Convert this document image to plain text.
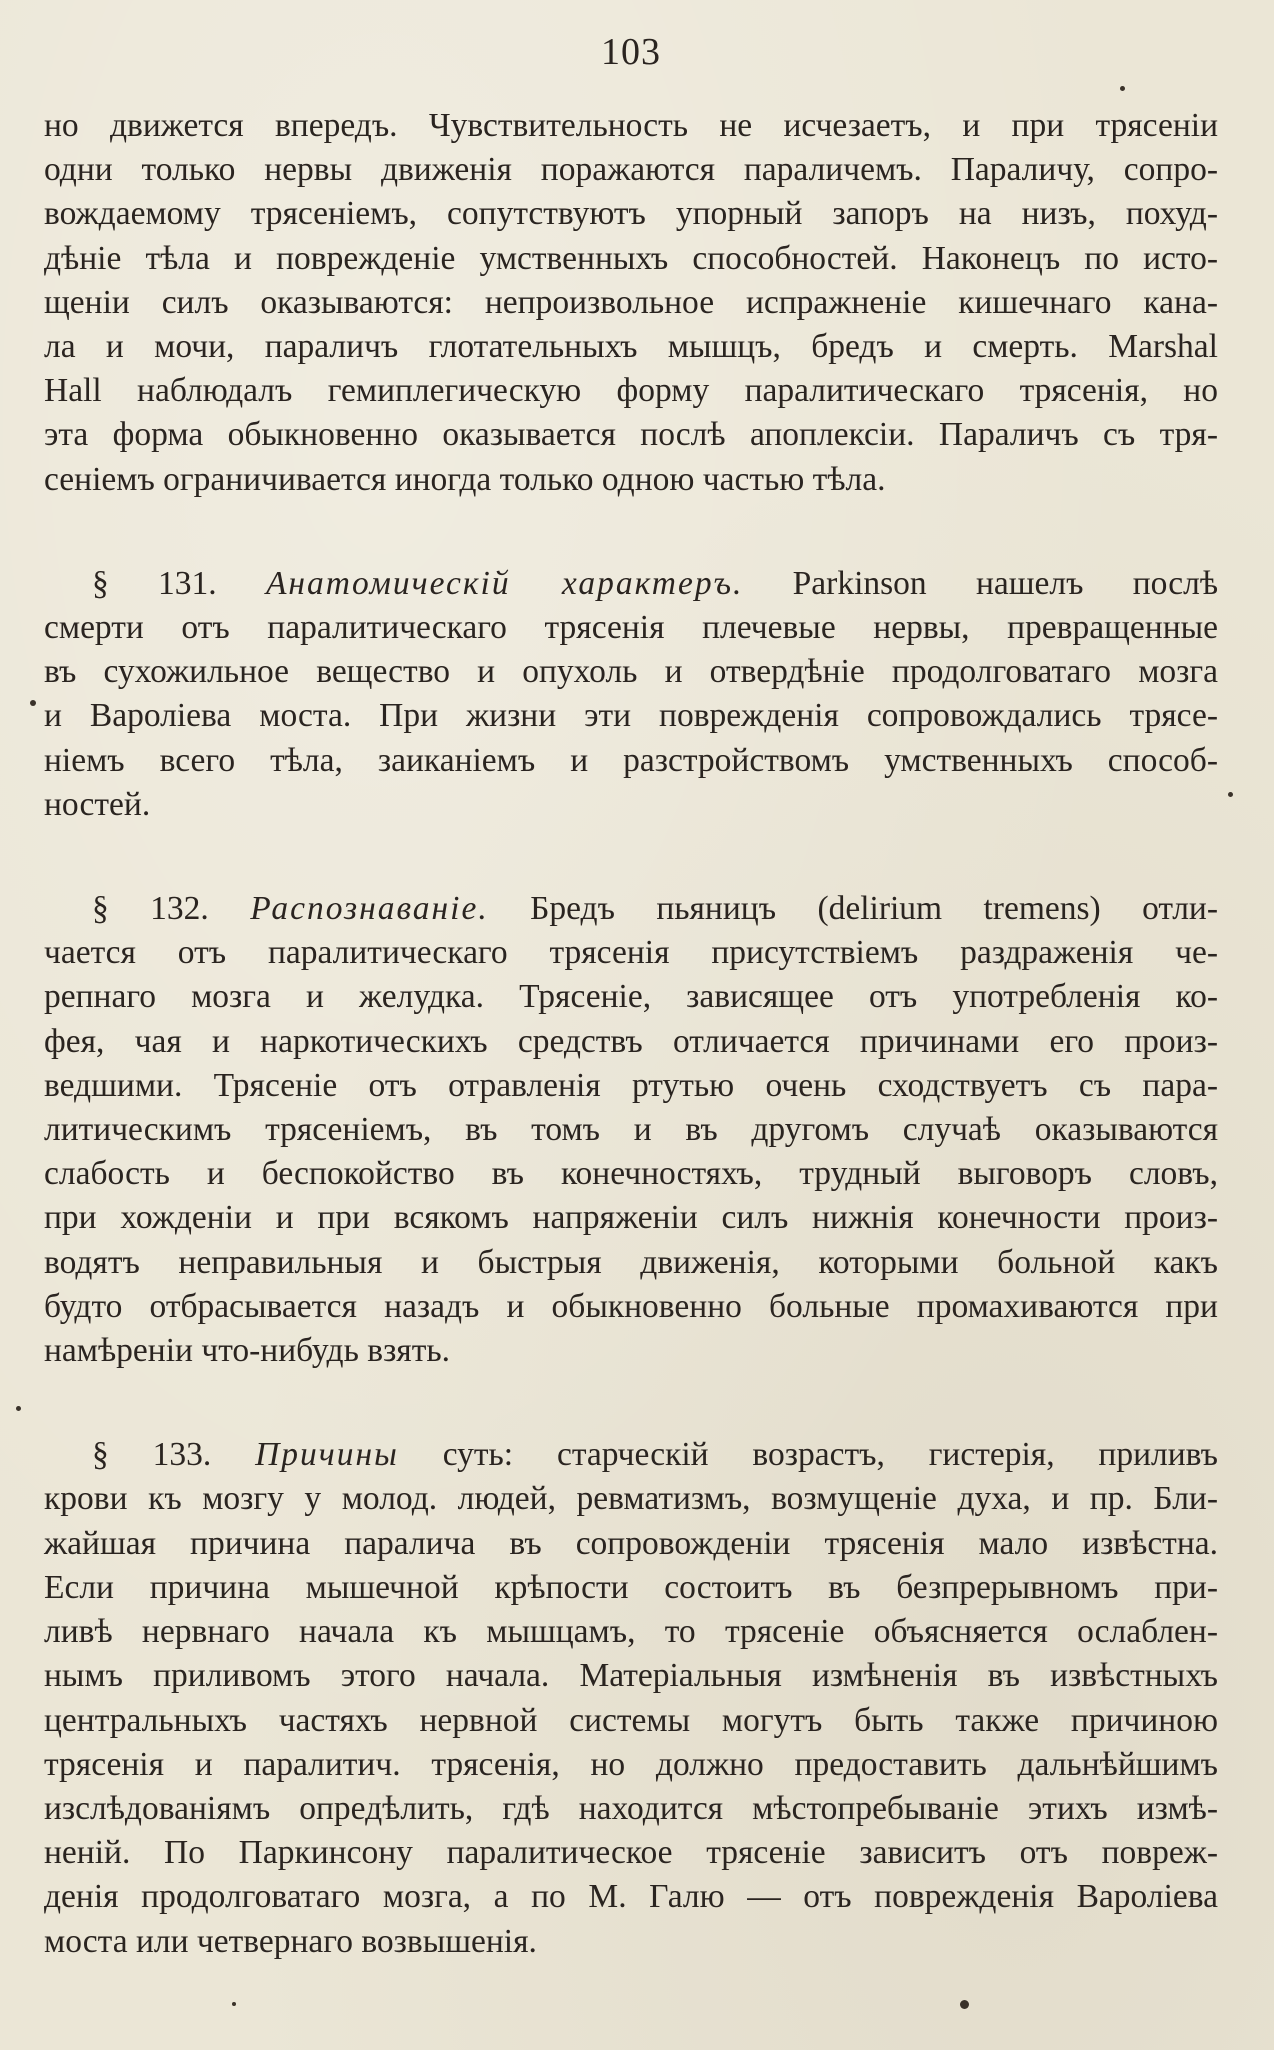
103

но движется впередъ. Чувствительность не исчезаетъ, и при трясеніи
одни только нервы движенія поражаются параличемъ. Параличу, сопро-
вождаемому трясеніемъ, сопутствуютъ упорный запоръ на низъ, похуд-
дѣніе тѣла и поврежденіе умственныхъ способностей. Наконецъ по исто-
щеніи силъ оказываются: непроизвольное испражненіе кишечнаго кана-
ла и мочи, параличъ глотательныхъ мышцъ, бредъ и смерть. Marshal
Hall наблюдалъ гемиплегическую форму паралитическаго трясенія, но
эта форма обыкновенно оказывается послѣ апоплексіи. Параличъ съ тря-
сеніемъ ограничивается иногда только одною частью тѣла.

§ 131. Анатомическій характеръ. Parkinson нашелъ послѣ
смерти отъ паралитическаго трясенія плечевые нервы, превращенные
въ сухожильное вещество и опухоль и отвердѣніе продолговатаго мозга
и Вароліева моста. При жизни эти поврежденія сопровождались трясе-
ніемъ всего тѣла, заиканіемъ и разстройствомъ умственныхъ способ-
ностей.

§ 132. Распознаваніе. Бредъ пьяницъ (delirium tremens) отли-
чается отъ паралитическаго трясенія присутствіемъ раздраженія че-
репнаго мозга и желудка. Трясеніе, зависящее отъ употребленія ко-
фея, чая и наркотическихъ средствъ отличается причинами его произ-
ведшими. Трясеніе отъ отравленія ртутью очень сходствуетъ съ пара-
литическимъ трясеніемъ, въ томъ и въ другомъ случаѣ оказываются
слабость и беспокойство въ конечностяхъ, трудный выговоръ словъ,
при хожденіи и при всякомъ напряженіи силъ нижнія конечности произ-
водятъ неправильныя и быстрыя движенія, которыми больной какъ
будто отбрасывается назадъ и обыкновенно больные промахиваются при
намѣреніи что-нибудь взять.

§ 133. Причины суть: старческій возрастъ, гистерія, приливъ
крови къ мозгу у молод. людей, ревматизмъ, возмущеніе духа, и пр. Бли-
жайшая причина паралича въ сопровожденіи трясенія мало извѣстна.
Если причина мышечной крѣпости состоитъ въ безпрерывномъ при-
ливѣ нервнаго начала къ мышцамъ, то трясеніе объясняется ослаблен-
нымъ приливомъ этого начала. Матеріальныя измѣненія въ извѣстныхъ
центральныхъ частяхъ нервной системы могутъ быть также причиною
трясенія и паралитич. трясенія, но должно предоставить дальнѣйшимъ
изслѣдованіямъ опредѣлить, гдѣ находится мѣстопребываніе этихъ измѣ-
неній. По Паркинсону паралитическое трясеніе зависитъ отъ повреж-
денія продолговатаго мозга, а по М. Галю — отъ поврежденія Вароліева
моста или четвернаго возвышенія.
